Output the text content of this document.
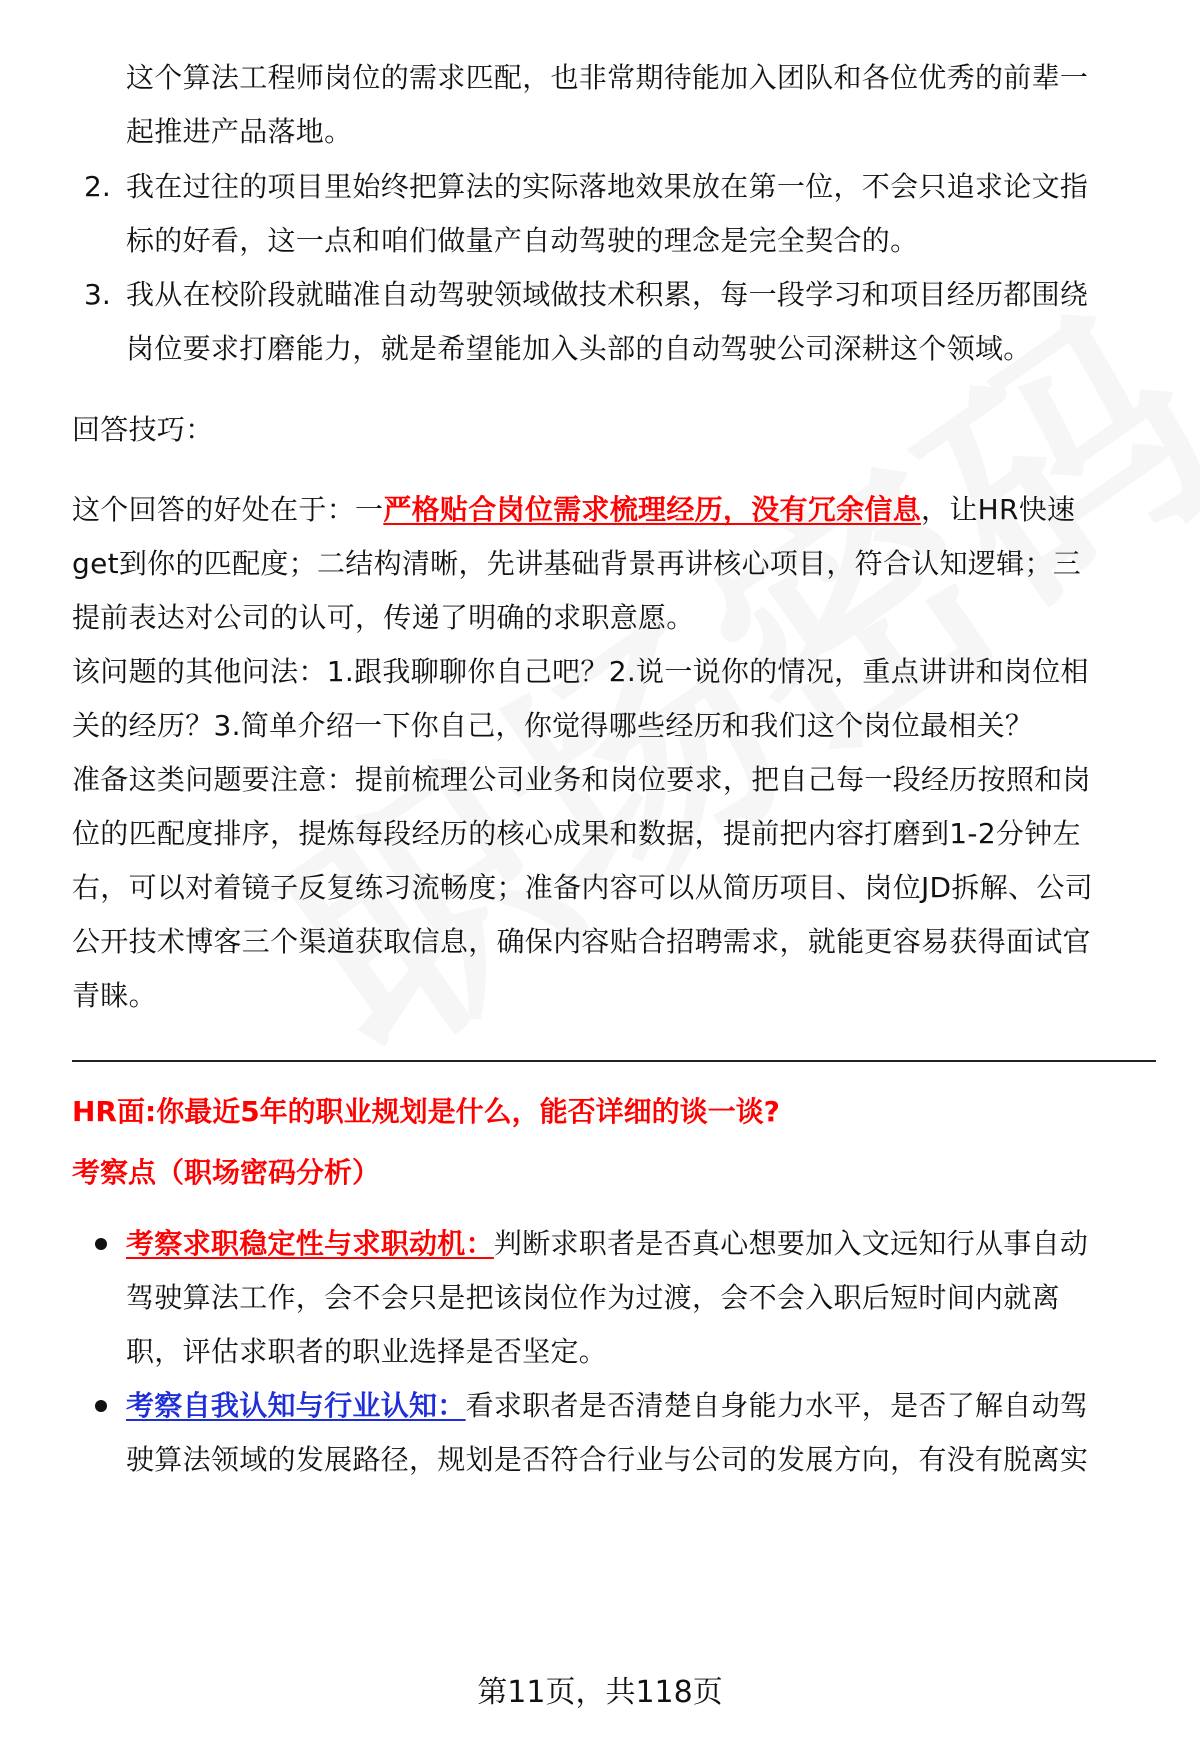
这个算法工程师岗位的需求匹配，也非常期待能加入团队和各位优秀的前辈一
起推进产品落地。
2. 我在过往的项目里始终把算法的实际落地效果放在第一位，不会只追求论文指
标的好看，这一点和咱们做量产自动驾驶的理念是完全契合的。
3. 我从在校阶段就瞄准自动驾驶领域做技术积累，每一段学习和项目经历都围绕
岗位要求打磨能力，就是希望能加入头部的自动驾驶公司深耕这个领域。
回答技巧：
这个回答的好处在于：一严格贴合岗位需求梳理经历，没有冗余信息，让HR快速
get到你的匹配度；二结构清晰，先讲基础背景再讲核心项目，符合认知逻辑；三
提前表达对公司的认可，传递了明确的求职意愿。
该问题的其他问法：1.跟我聊聊你自己吧？2.说一说你的情况，重点讲讲和岗位相
关的经历？3.简单介绍一下你自己，你觉得哪些经历和我们这个岗位最相关？
准备这类问题要注意：提前梳理公司业务和岗位要求，把自己每一段经历按照和岗
位的匹配度排序，提炼每段经历的核心成果和数据，提前把内容打磨到1-2分钟左
右，可以对着镜子反复练习流畅度；准备内容可以从简历项目、岗位JD拆解、公司
公开技术博客三个渠道获取信息，确保内容贴合招聘需求，就能更容易获得面试官
青睐。
HR面:你最近5年的职业规划是什么，能否详细的谈一谈?
考察点（职场密码分析）
考察求职稳定性与求职动机：判断求职者是否真心想要加入文远知行从事自动
驾驶算法工作，会不会只是把该岗位作为过渡，会不会入职后短时间内就离
职，评估求职者的职业选择是否坚定。
考察自我认知与行业认知：看求职者是否清楚自身能力水平，是否了解自动驾
驶算法领域的发展路径，规划是否符合行业与公司的发展方向，有没有脱离实
第11页，共118页
